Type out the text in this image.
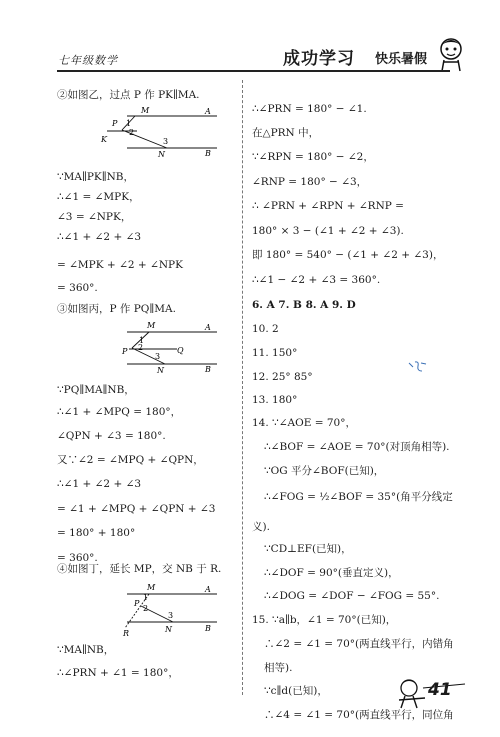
七年级数学	成功学习 快乐暑假
②如图乙，过点 P 作 PK∥MA.
M	A
P 1
2
K	3
N	B
∵MA∥PK∥NB，
∴∠1 = ∠MPK，
∠3 = ∠NPK，
∴∠1 + ∠2 + ∠3
= ∠MPK + ∠2 + ∠NPK
= 360°.
③如图丙，P 作 PQ∥MA.
M	A
1
2
P	Q
3
N	B
∵PQ∥MA∥NB，
∴∠1 + ∠MPQ = 180°，
∠QPN + ∠3 = 180°.
又∵∠2 = ∠MPQ + ∠QPN，
∴∠1 + ∠2 + ∠3
= ∠1 + ∠MPQ + ∠QPN + ∠3
= 180° + 180°
= 360°.
④如图丁，延长 MP，交 NB 于 R.
M	A
P
1
2
3
R	N	B
∵MA∥NB，
∴∠PRN + ∠1 = 180°，
∴∠PRN = 180° − ∠1.
在△PRN 中，
∵∠RPN = 180° − ∠2，
∠RNP = 180° − ∠3，
∴ ∠PRN + ∠RPN + ∠RNP =
180° × 3 − (∠1 + ∠2 + ∠3).
即 180° = 540° − (∠1 + ∠2 + ∠3)，
∴∠1 − ∠2 + ∠3 = 360°.
6. A 7. B 8. A 9. D
10. 2
11. 150°
12. 25° 85°
13. 180°
14. ∵∠AOE = 70°，
∴∠BOF = ∠AOE = 70°(对顶角相等).
∵OG 平分∠BOF(已知)，
∴∠FOG = ½∠BOF = 35°(角平分线定
义).
∵CD⊥EF(已知)，
∴∠DOF = 90°(垂直定义)，
∴∠DOG = ∠DOF − ∠FOG = 55°.
15. ∵a∥b，∠1 = 70°(已知)，
∴∠2 = ∠1 = 70°(两直线平行，内错角
相等).
∵c∥d(已知)，
∴∠4 = ∠1 = 70°(两直线平行，同位角
41
